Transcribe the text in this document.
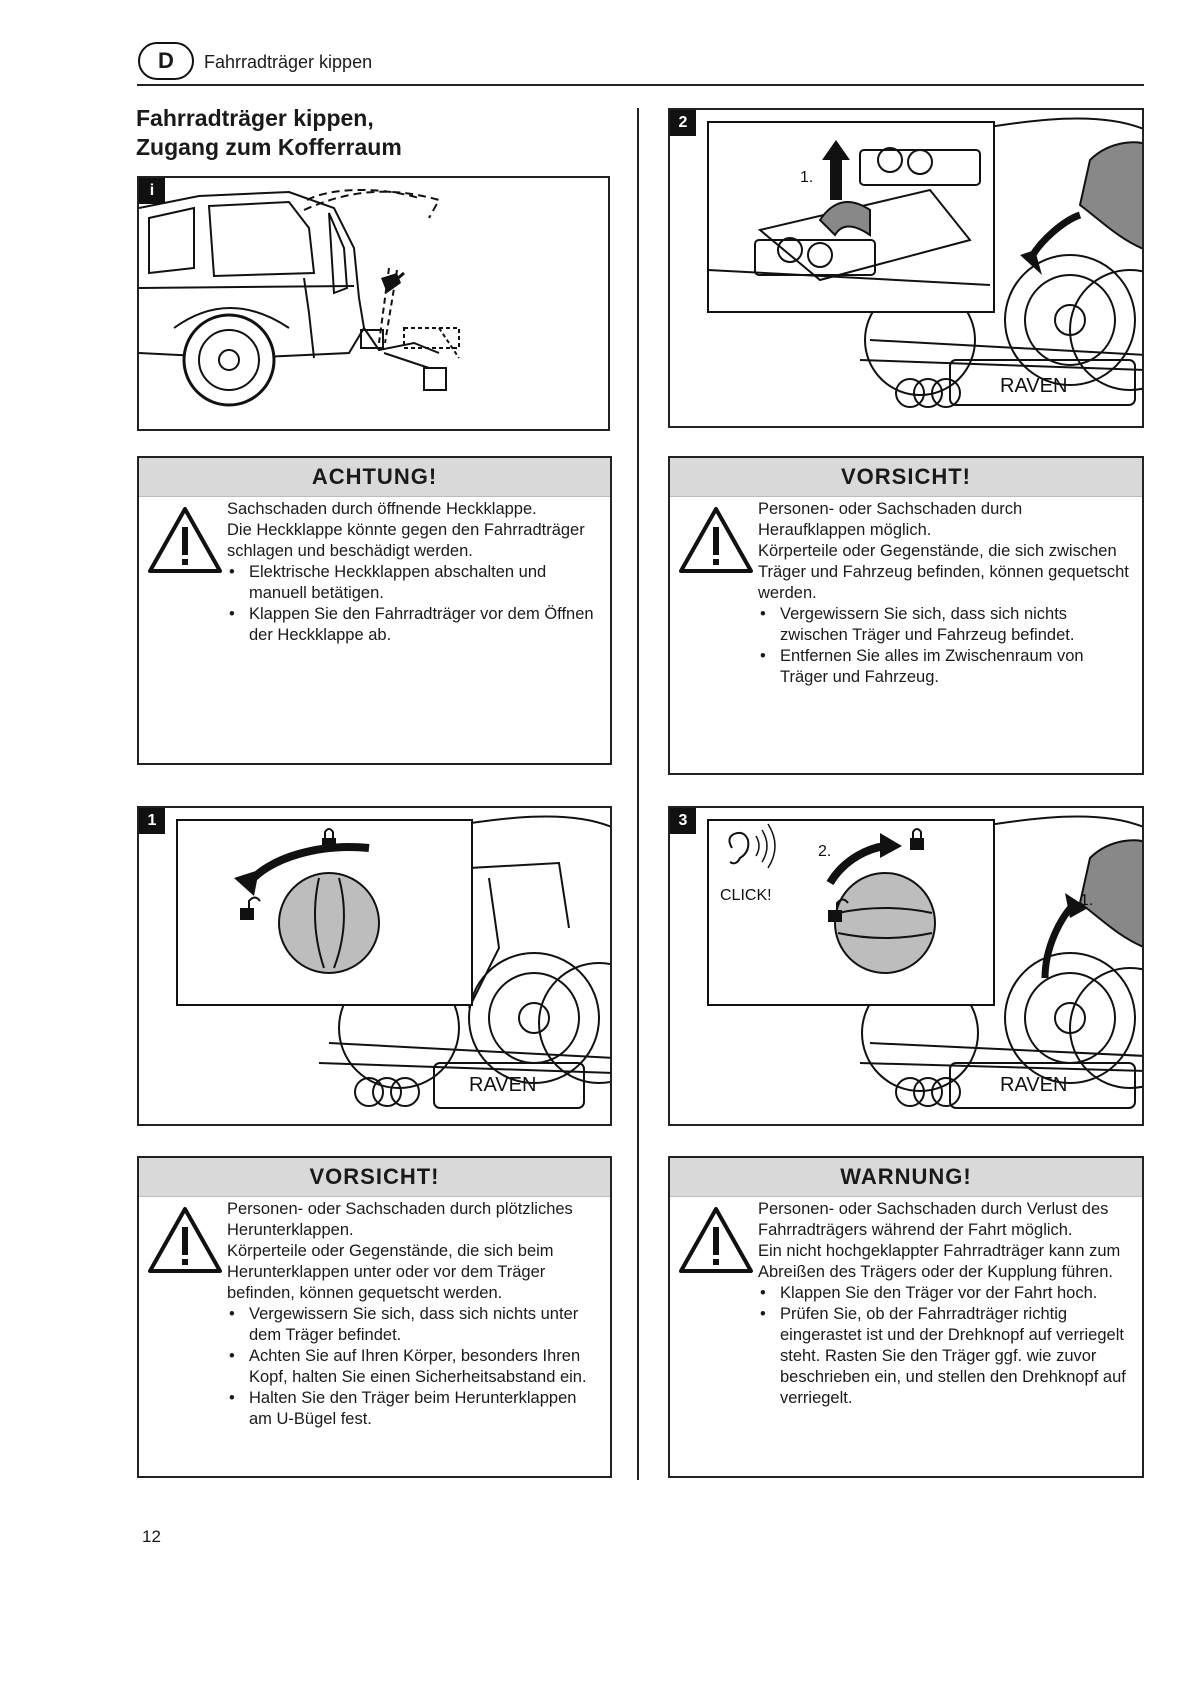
D	Fahrradträger kippen
Fahrradträger kippen,
Zugang zum Kofferraum
i
1.
RAVEN
2
ACHTUNG!

Sachschaden durch öffnende Heckklappe.

Die Heckklappe könnte gegen den Fahrradträger schlagen und beschädigt werden.

• Elektrische Heckklappen abschalten und manuell betätigen.
• Klappen Sie den Fahrradträger vor dem Öffnen der Heckklappe ab.
VORSICHT!

Personen- oder Sachschaden durch Heraufklappen möglich.

Körperteile oder Gegenstände, die sich zwischen Träger und Fahrzeug befinden, können gequetscht werden.

• Vergewissern Sie sich, dass sich nichts zwischen Träger und Fahrzeug befindet.
• Entfernen Sie alles im Zwischenraum von Träger und Fahrzeug.
RAVEN
1
1.
2.
CLICK!
RAVEN
3
VORSICHT!

Personen- oder Sachschaden durch plötzliches Herunterklappen.

Körperteile oder Gegenstände, die sich beim Herunterklappen unter oder vor dem Träger befinden, können gequetscht werden.

• Vergewissern Sie sich, dass sich nichts unter dem Träger befindet.
• Achten Sie auf Ihren Körper, besonders Ihren Kopf, halten Sie einen Sicherheitsabstand ein.
• Halten Sie den Träger beim Herunterklappen am U-Bügel fest.
WARNUNG!

Personen- oder Sachschaden durch Verlust des Fahrradträgers während der Fahrt möglich.

Ein nicht hochgeklappter Fahrradträger kann zum Abreißen des Trägers oder der Kupplung führen.

• Klappen Sie den Träger vor der Fahrt hoch.
• Prüfen Sie, ob der Fahrradträger richtig eingerastet ist und der Drehknopf auf verriegelt steht. Rasten Sie den Träger ggf. wie zuvor beschrieben ein, und stellen den Drehknopf auf verriegelt.
12
